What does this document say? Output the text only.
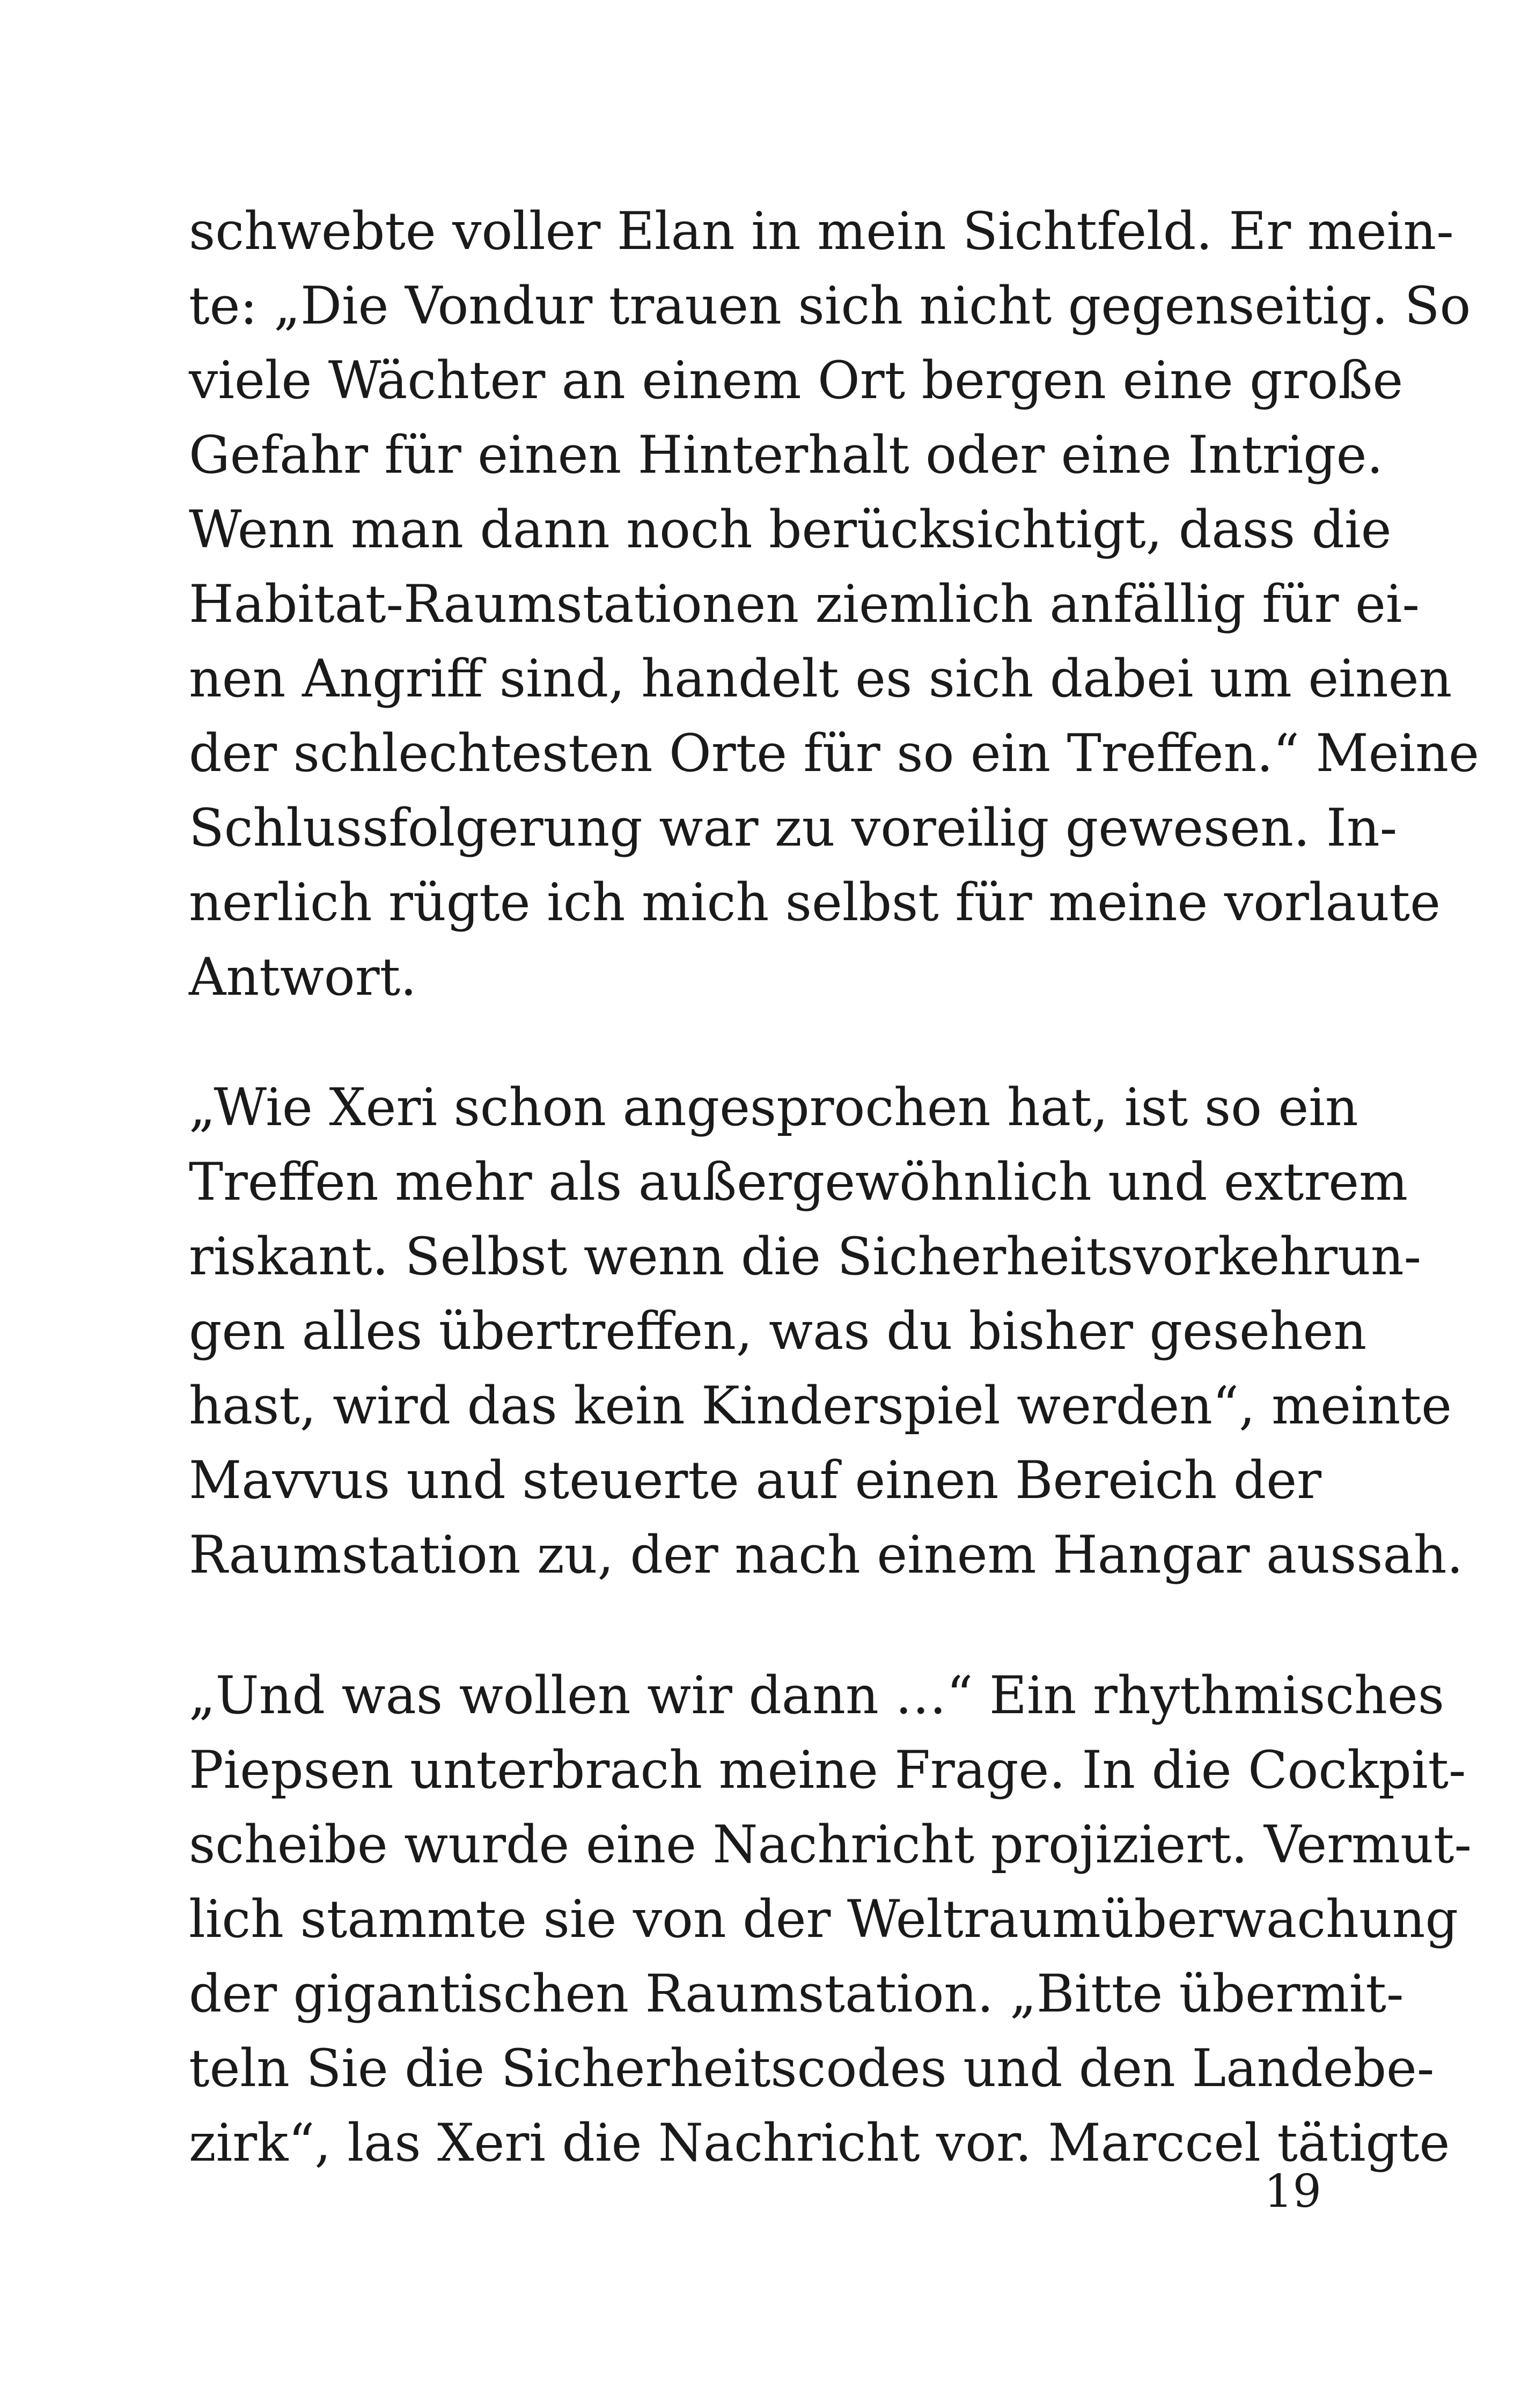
schwebte voller Elan in mein Sichtfeld. Er mein-
te: „Die Vondur trauen sich nicht gegenseitig. So
viele Wächter an einem Ort bergen eine große
Gefahr für einen Hinterhalt oder eine Intrige.
Wenn man dann noch berücksichtigt, dass die
Habitat-Raumstationen ziemlich anfällig für ei-
nen Angriff sind, handelt es sich dabei um einen
der schlechtesten Orte für so ein Treffen.“ Meine
Schlussfolgerung war zu voreilig gewesen. In-
nerlich rügte ich mich selbst für meine vorlaute
Antwort.
„Wie Xeri schon angesprochen hat, ist so ein
Treffen mehr als außergewöhnlich und extrem
riskant. Selbst wenn die Sicherheitsvorkehrun-
gen alles übertreffen, was du bisher gesehen
hast, wird das kein Kinderspiel werden“, meinte
Mavvus und steuerte auf einen Bereich der
Raumstation zu, der nach einem Hangar aussah.
„Und was wollen wir dann …“ Ein rhythmisches
Piepsen unterbrach meine Frage. In die Cockpit-
scheibe wurde eine Nachricht projiziert. Vermut-
lich stammte sie von der Weltraumüberwachung
der gigantischen Raumstation. „Bitte übermit-
teln Sie die Sicherheitscodes und den Landebe-
zirk“, las Xeri die Nachricht vor. Marccel tätigte
19
